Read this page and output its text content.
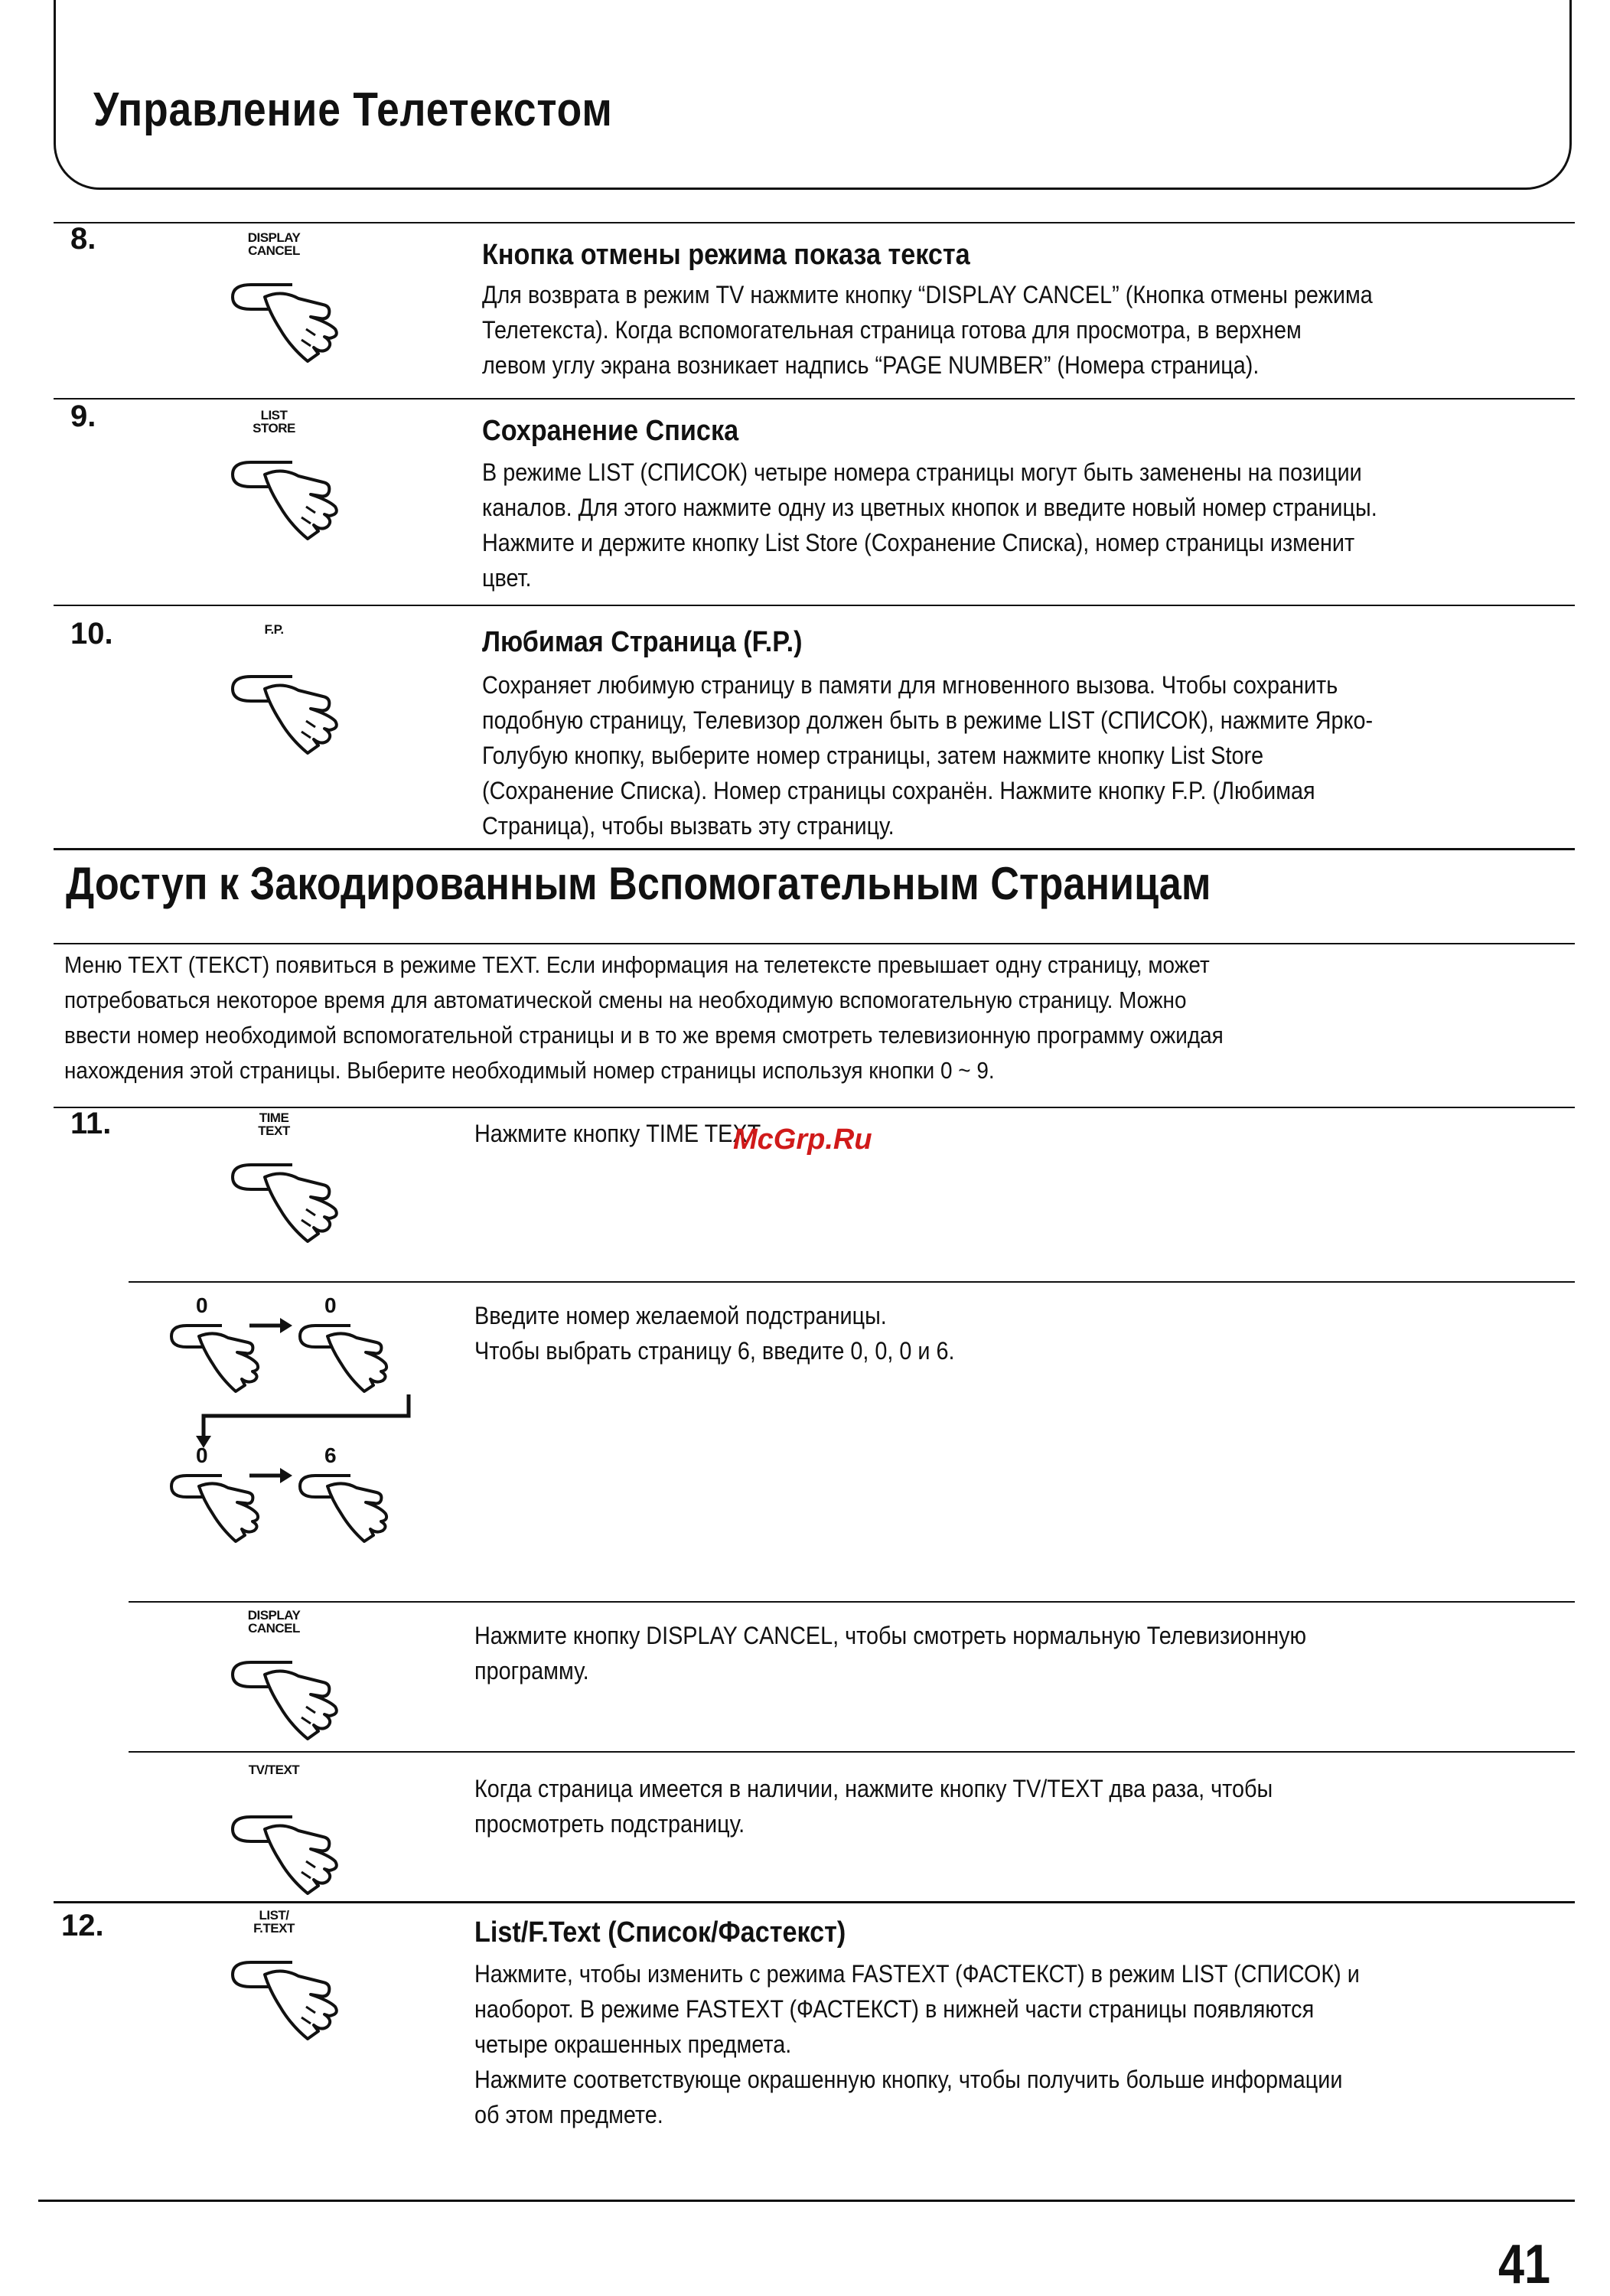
Управление Телетекстом
8.	DISPLAY
CANCEL	Кнопка отмены режима показа текста
Для возврата в режим TV нажмите кнопку “DISPLAY CANCEL” (Кнопка отмены режима
Телетекста). Когда вспомогательная страница готова для просмотра, в верхнем
левом углу экрана возникает надпись “PAGE NUMBER” (Номера страница).
9.	LIST
STORE	Сохранение Списка
В режиме LIST (СПИСОК) четыре номера страницы могут быть заменены на позиции
каналов. Для этого нажмите одну из цветных кнопок и введите новый номер страницы.
Нажмите и держите кнопку List Store (Сохранение Списка), номер страницы изменит
цвет.
10.	F.P.	Любимая Страница (F.P.)
Сохраняет любимую страницу в памяти для мгновенного вызова. Чтобы сохранить
подобную страницу, Телевизор должен быть в режиме LIST (СПИСОК), нажмите Ярко-
Голубую кнопку, выберите номер страницы, затем нажмите кнопку List Store
(Сохранение Списка). Номер страницы сохранён. Нажмите кнопку F.P. (Любимая
Страница), чтобы вызвать эту страницу.
Доступ к Закодированным Вспомогательным Страницам
Меню TEXT (ТЕКСТ) появиться в режиме TEXT. Если информация на телетексте превышает одну страницу, может
потребоваться некоторое время для автоматической смены на необходимую вспомогательную страницу. Можно
ввести номер необходимой вспомогательной страницы и в то же время смотреть телевизионную программу ожидая
нахождения этой страницы. Выберите необходимый номер страницы используя кнопки 0 ~ 9.
11.	TIME
TEXT	Нажмите кнопку TIME TEXT.
0	0
0	6
Введите номер желаемой подстраницы.
Чтобы выбрать страницу 6, введите 0, 0, 0 и 6.
DISPLAY
CANCEL	Нажмите кнопку DISPLAY CANCEL, чтобы смотреть нормальную Телевизионную
программу.
TV/TEXT
Когда страница имеется в наличии, нажмите кнопку TV/TEXT два раза, чтобы
просмотреть подстраницу.
12.	LIST/
F.TEXT	List/F.Text (Список/Фастекст)
Нажмите, чтобы изменить с режима FASTEXT (ФАСТЕКСТ) в режим LIST (СПИСОК) и
наоборот. В режиме FASTEXT (ФАСТЕКСТ) в нижней части страницы появляются
четыре окрашенных предмета.
Нажмите соответствующе окрашенную кнопку, чтобы получить больше информации
об этом предмете.
41
McGrp.Ru
